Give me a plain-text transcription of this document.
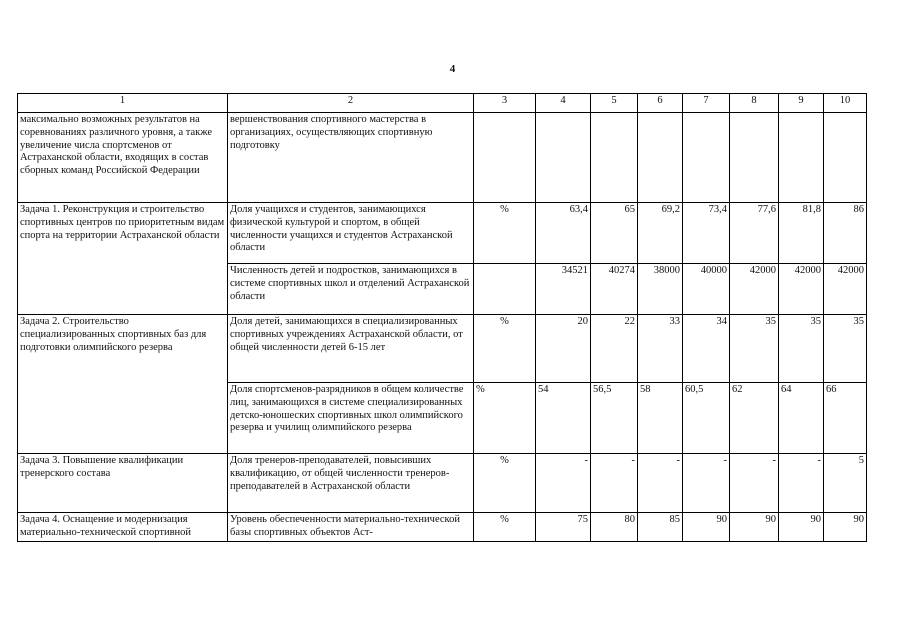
4
1	2	3	4	5	6	7	8	9	10
максимально возможных результатов на соревнованиях различного уровня, а также увеличение числа спортсменов от Астраханской области, входящих в состав сборных команд Российской Федерации	вершенствования спортивного мастерства в организациях, осуществляющих спортивную подготовку								
Задача 1. Реконструкция и строительство спортивных центров по приоритетным видам спорта на территории Астраханской области	Доля учащихся и студентов, занимающихся физической культурой и спортом, в общей численности учащихся и студентов Астраханской области	%	63,4	65	69,2	73,4	77,6	81,8	86
	Численность детей и подростков, занимающихся в системе спортивных школ и отделений Астраханской области		34521	40274	38000	40000	42000	42000	42000
Задача 2. Строительство специализированных спортивных баз для подготовки олимпийского резерва	Доля детей, занимающихся в специализированных спортивных учреждениях Астраханской области, от общей численности детей 6-15 лет	%	20	22	33	34	35	35	35
	Доля спортсменов-разрядников в общем количестве лиц, занимающихся в системе специализированных детско-юношеских спортивных школ олимпийского резерва и училищ олимпийского резерва	%	54	56,5	58	60,5	62	64	66
Задача 3. Повышение квалификации тренерского состава	Доля тренеров-преподавателей, повысивших квалификацию, от общей численности тренеров-преподавателей в Астраханской области	%	-	-	-	-	-	-	5
Задача 4. Оснащение и модернизация материально-технической спортивной	Уровень обеспеченности материально-технической базы спортивных объектов Аст-	%	75	80	85	90	90	90	90
